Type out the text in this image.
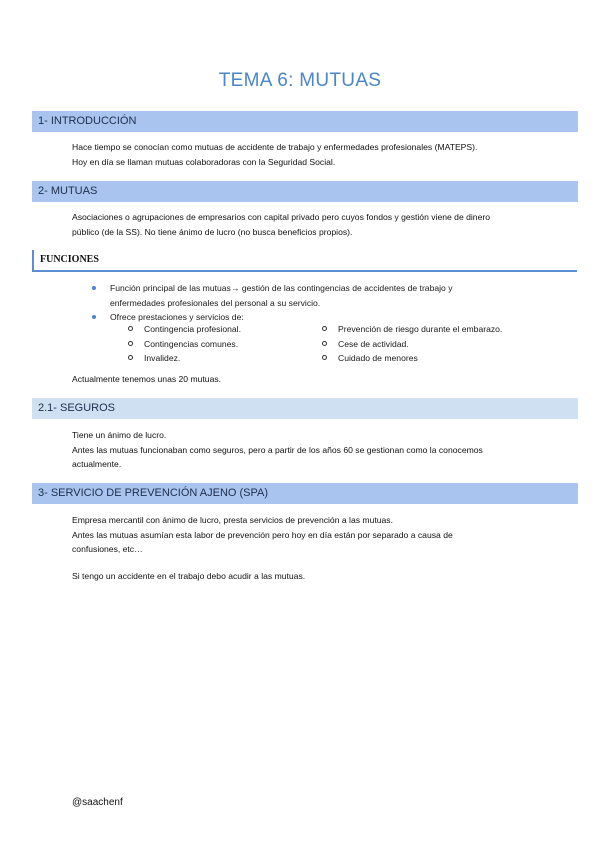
TEMA 6: MUTUAS
1- INTRODUCCIÓN
Hace tiempo se conocían como mutuas de accidente de trabajo y enfermedades profesionales (MATEPS).
Hoy en día se llaman mutuas colaboradoras con la Seguridad Social.
2- MUTUAS
Asociaciones o agrupaciones de empresarios con capital privado pero cuyos fondos y gestión viene de dinero
público (de la SS). No tiene ánimo de lucro (no busca beneficios propios).
FUNCIONES
Función principal de las mutuas→ gestión de las contingencias de accidentes de trabajo y
enfermedades profesionales del personal a su servicio.
Ofrece prestaciones y servicios de:
Contingencia profesional.	Prevención de riesgo durante el embarazo.
Contingencias comunes.	Cese de actividad.
Invalidez.	Cuidado de menores
Actualmente tenemos unas 20 mutuas.
2.1- SEGUROS
Tiene un ánimo de lucro.
Antes las mutuas funcionaban como seguros, pero a partir de los años 60 se gestionan como la conocemos
actualmente.
3- SERVICIO DE PREVENCIÓN AJENO (SPA)
Empresa mercantil con ánimo de lucro, presta servicios de prevención a las mutuas.
Antes las mutuas asumían esta labor de prevención pero hoy en día están por separado a causa de
confusiones, etc…
Si tengo un accidente en el trabajo debo acudir a las mutuas.
@saachenf
